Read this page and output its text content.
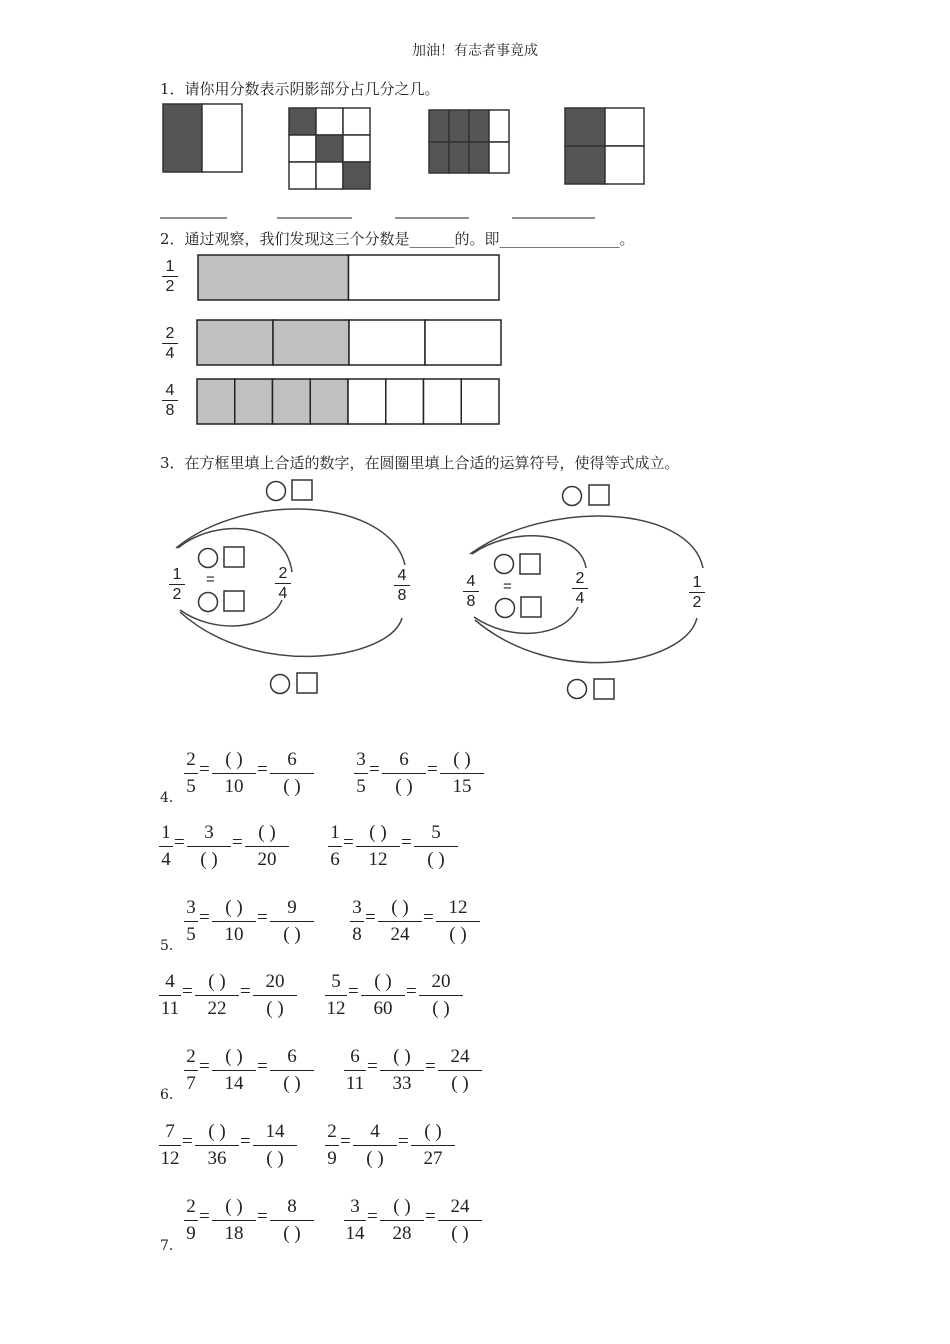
加油！有志者事竟成
1．请你用分数表示阴影部分占几分之几。
2．通过观察，我们发现这三个分数是______的。即________________。
1
2
2
4
4
8
3．在方框里填上合适的数字，在圆圈里填上合适的运算符号，使得等式成立。
=	=
1
2
2
4
4
8
4
8
2
4
1
2
4．
$\frac{2}{5}$ = ( )
10
=	6
( )	$\frac{3}{5}$ =	6
( )
= ( )
15
$\frac{1}{4}$ =	3
( )
= ( )
20	$\frac{1}{6}$ = ( )
12
=	5
( )
5．
$\frac{3}{5}$ = ( )
10
=	9
( )	$\frac{3}{8}$ = ( )
24
= 12
( )
$\frac{4}{11}$ = ( )
22
= 20
( )	$\frac{5}{12}$ = ( )
60
= 20
( )
6．
$\frac{2}{7}$ = ( )
14
=	6
( )	$\frac{6}{11}$ = ( )
33
= 24
( )
$\frac{7}{12}$ = ( )
36
= 14
( )	$\frac{2}{9}$ =	4
( )
= ( )
27
7．
$\frac{2}{9}$ = ( )
18
=	8
( )	$\frac{3}{14}$ = ( )
28
= 24
( )
